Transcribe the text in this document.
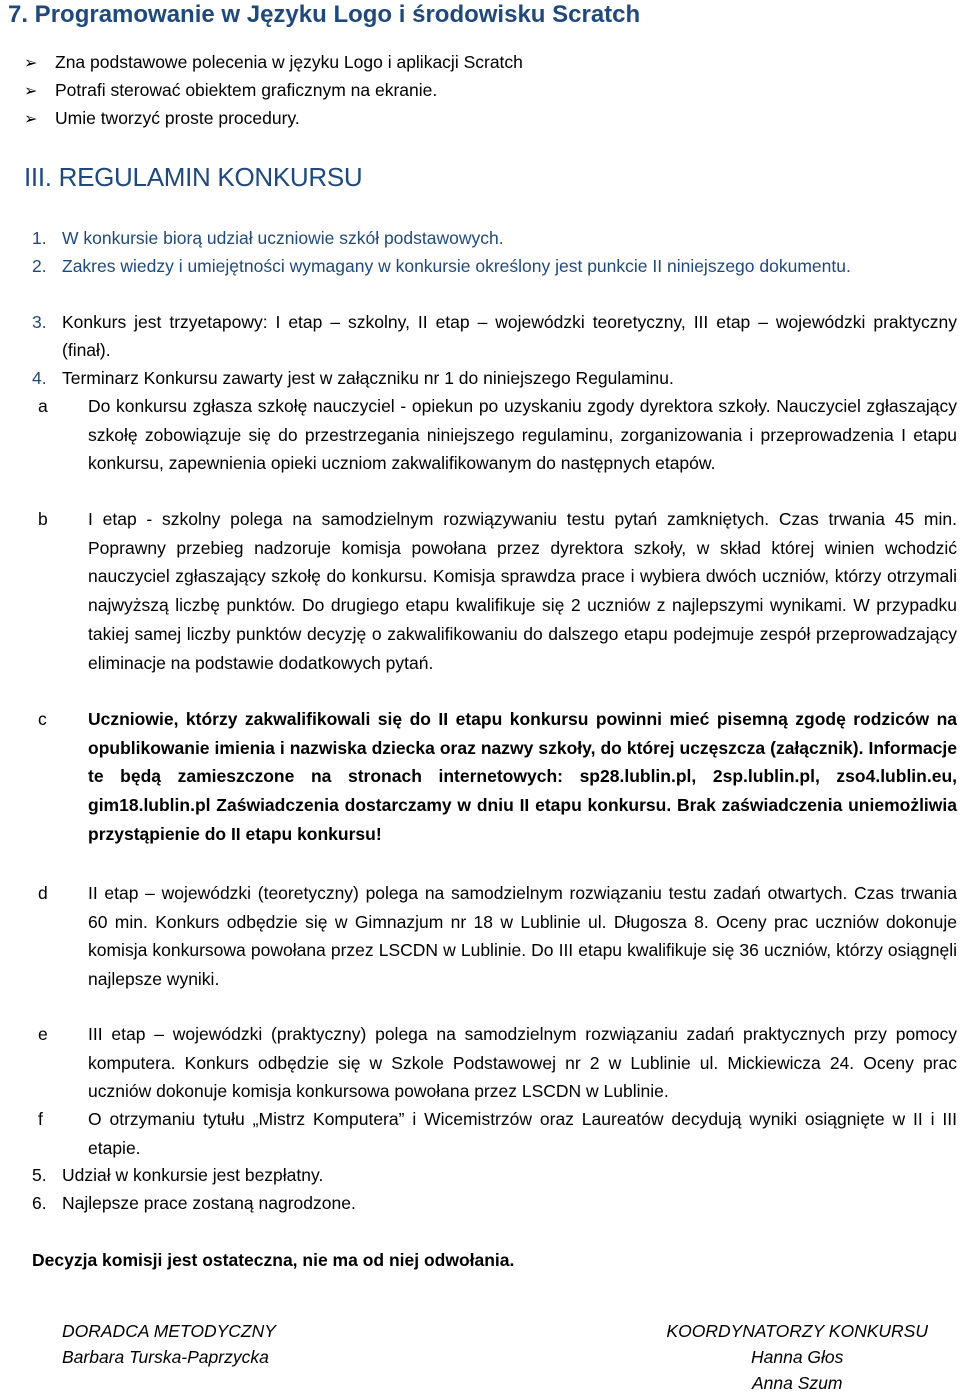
7. Programowanie w Języku Logo i środowisku Scratch
➢ Zna podstawowe polecenia w języku Logo i aplikacji Scratch
➢ Potrafi sterować obiektem graficznym na ekranie.
➢ Umie tworzyć proste procedury.
III. REGULAMIN KONKURSU
1. W konkursie biorą udział uczniowie szkół podstawowych.
2. Zakres wiedzy i umiejętności wymagany w konkursie określony jest punkcie II niniejszego dokumentu.
3. Konkurs jest trzyetapowy: I etap – szkolny, II etap – wojewódzki teoretyczny, III etap – wojewódzki praktyczny (finał).
4. Terminarz Konkursu zawarty jest w załączniku nr 1 do niniejszego Regulaminu.
a Do konkursu zgłasza szkołę nauczyciel - opiekun po uzyskaniu zgody dyrektora szkoły. Nauczyciel zgłaszający szkołę zobowiązuje się do przestrzegania niniejszego regulaminu, zorganizowania i przeprowadzenia I etapu konkursu, zapewnienia opieki uczniom zakwalifikowanym do następnych etapów.
b I etap - szkolny polega na samodzielnym rozwiązywaniu testu pytań zamkniętych. Czas trwania 45 min. Poprawny przebieg nadzoruje komisja powołana przez dyrektora szkoły, w skład której winien wchodzić nauczyciel zgłaszający szkołę do konkursu. Komisja sprawdza prace i wybiera dwóch uczniów, którzy otrzymali najwyższą liczbę punktów. Do drugiego etapu kwalifikuje się 2 uczniów z najlepszymi wynikami. W przypadku takiej samej liczby punktów decyzję o zakwalifikowaniu do dalszego etapu podejmuje zespół przeprowadzający eliminacje na podstawie dodatkowych pytań.
c Uczniowie, którzy zakwalifikowali się do II etapu konkursu powinni mieć pisemną zgodę rodziców na opublikowanie imienia i nazwiska dziecka oraz nazwy szkoły, do której uczęszcza (załącznik). Informacje te będą zamieszczone na stronach internetowych: sp28.lublin.pl, 2sp.lublin.pl, zso4.lublin.eu, gim18.lublin.pl Zaświadczenia dostarczamy w dniu II etapu konkursu. Brak zaświadczenia uniemożliwia przystąpienie do II etapu konkursu!
d II etap – wojewódzki (teoretyczny) polega na samodzielnym rozwiązaniu testu zadań otwartych. Czas trwania 60 min. Konkurs odbędzie się w Gimnazjum nr 18 w Lublinie ul. Długosza 8. Oceny prac uczniów dokonuje komisja konkursowa powołana przez LSCDN w Lublinie. Do III etapu kwalifikuje się 36 uczniów, którzy osiągnęli najlepsze wyniki.
e III etap – wojewódzki (praktyczny) polega na samodzielnym rozwiązaniu zadań praktycznych przy pomocy komputera. Konkurs odbędzie się w Szkole Podstawowej nr 2 w Lublinie ul. Mickiewicza 24. Oceny prac uczniów dokonuje komisja konkursowa powołana przez LSCDN w Lublinie.
f	O otrzymaniu tytułu „Mistrz Komputera” i Wicemistrzów oraz Laureatów decydują wyniki osiągnięte w II i III etapie.
5. Udział w konkursie jest bezpłatny.
6. Najlepsze prace zostaną nagrodzone.
Decyzja komisji jest ostateczna, nie ma od niej odwołania.
DORADCA METODYCZNY
Barbara Turska-Paprzycka
KOORDYNATORZY KONKURSU
Hanna Głos
Anna Szum
